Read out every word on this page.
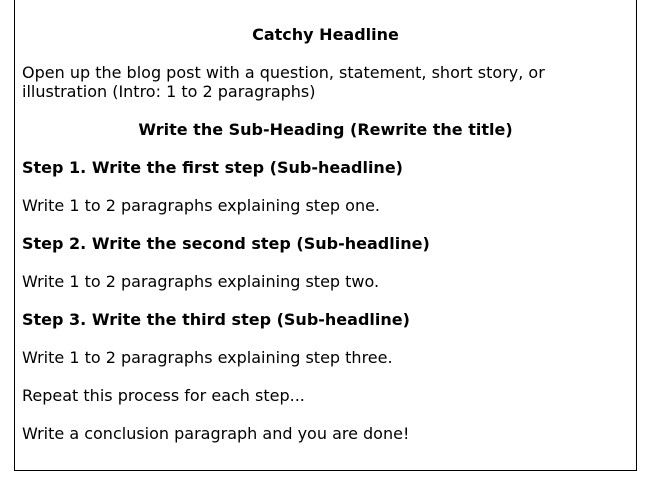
Catchy Headline

Open up the blog post with a question, statement, short story, or illustration (Intro: 1 to 2 paragraphs)

Write the Sub-Heading (Rewrite the title)

Step 1. Write the first step (Sub-headline)

Write 1 to 2 paragraphs explaining step one.

Step 2. Write the second step (Sub-headline)

Write 1 to 2 paragraphs explaining step two.

Step 3. Write the third step (Sub-headline)

Write 1 to 2 paragraphs explaining step three.

Repeat this process for each step...

Write a conclusion paragraph and you are done!
